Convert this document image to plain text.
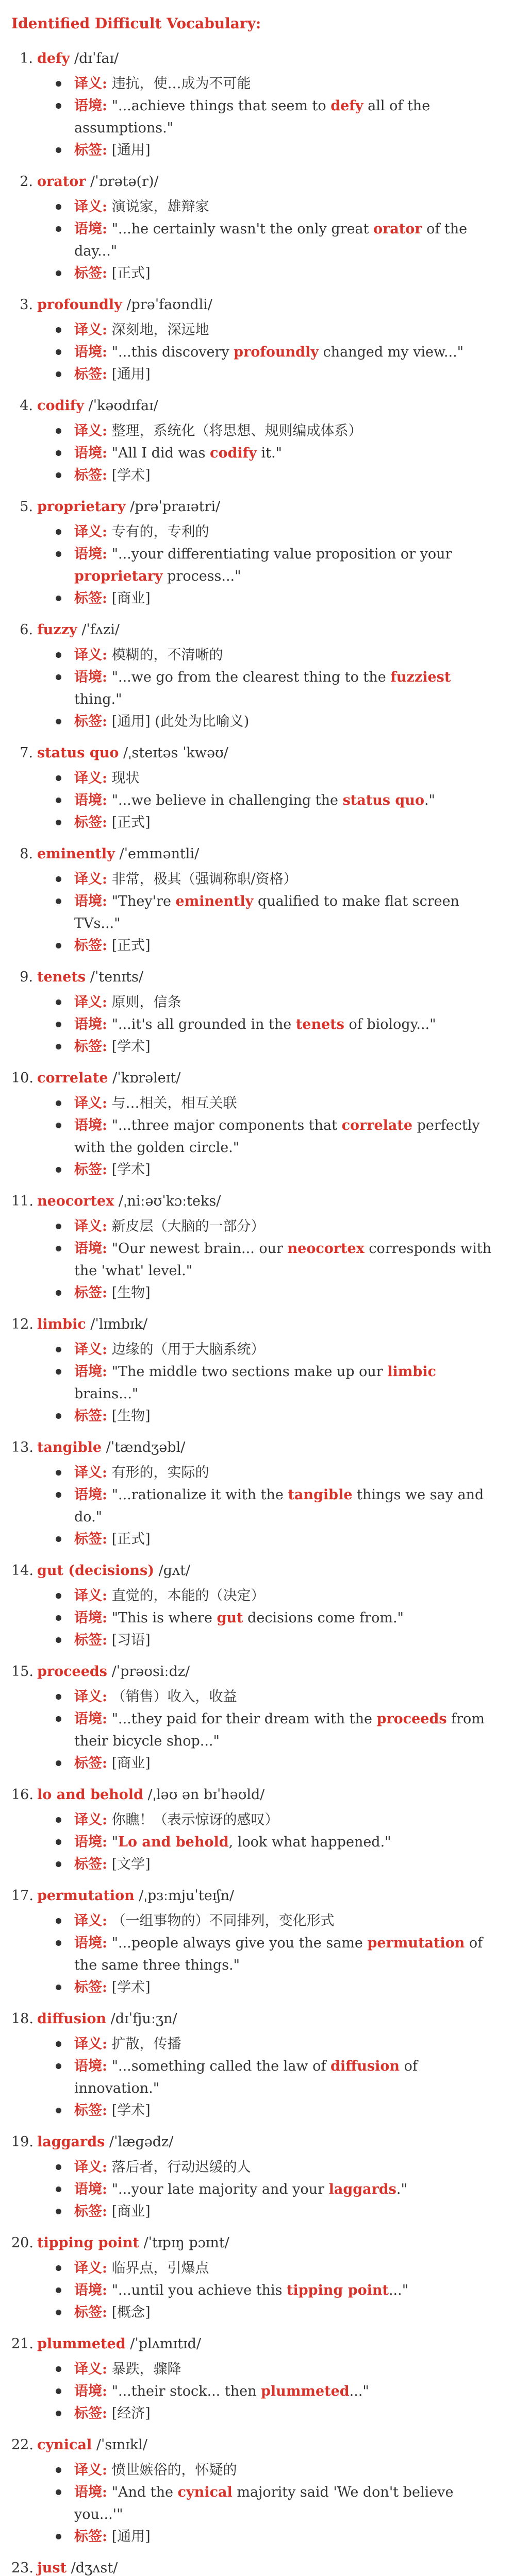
Identified Difficult Vocabulary:
1. defy /dɪˈfaɪ/
译义: 违抗，使…成为不可能
语境: "...achieve things that seem to defy all of the assumptions."
标签: [通用]
2. orator /ˈɒrətə(r)/
译义: 演说家，雄辩家
语境: "...he certainly wasn't the only great orator of the day..."
标签: [正式]
3. profoundly /prəˈfaʊndli/
译义: 深刻地，深远地
语境: "...this discovery profoundly changed my view..."
标签: [通用]
4. codify /ˈkəʊdɪfaɪ/
译义: 整理，系统化（将思想、规则编成体系）
语境: "All I did was codify it."
标签: [学术]
5. proprietary /prəˈpraɪətri/
译义: 专有的，专利的
语境: "...your differentiating value proposition or your proprietary process..."
标签: [商业]
6. fuzzy /ˈfʌzi/
译义: 模糊的，不清晰的
语境: "...we go from the clearest thing to the fuzziest thing."
标签: [通用] (此处为比喻义)
7. status quo /ˌsteɪtəs ˈkwəʊ/
译义: 现状
语境: "...we believe in challenging the status quo."
标签: [正式]
8. eminently /ˈemɪnəntli/
译义: 非常，极其（强调称职/资格）
语境: "They're eminently qualified to make flat screen TVs..."
标签: [正式]
9. tenets /ˈtenɪts/
译义: 原则，信条
语境: "...it's all grounded in the tenets of biology..."
标签: [学术]
10. correlate /ˈkɒrəleɪt/
译义: 与…相关，相互关联
语境: "...three major components that correlate perfectly with the golden circle."
标签: [学术]
11. neocortex /ˌniːəʊˈkɔːteks/
译义: 新皮层（大脑的一部分）
语境: "Our newest brain... our neocortex corresponds with the 'what' level."
标签: [生物]
12. limbic /ˈlɪmbɪk/
译义: 边缘的（用于大脑系统）
语境: "The middle two sections make up our limbic brains..."
标签: [生物]
13. tangible /ˈtændʒəbl/
译义: 有形的，实际的
语境: "...rationalize it with the tangible things we say and do."
标签: [正式]
14. gut (decisions) /ɡʌt/
译义: 直觉的，本能的（决定）
语境: "This is where gut decisions come from."
标签: [习语]
15. proceeds /ˈprəʊsiːdz/
译义: （销售）收入，收益
语境: "...they paid for their dream with the proceeds from their bicycle shop..."
标签: [商业]
16. lo and behold /ˌləʊ ən bɪˈhəʊld/
译义: 你瞧！（表示惊讶的感叹）
语境: "Lo and behold, look what happened."
标签: [文学]
17. permutation /ˌpɜːmjuˈteɪʃn/
译义: （一组事物的）不同排列，变化形式
语境: "...people always give you the same permutation of the same three things."
标签: [学术]
18. diffusion /dɪˈfjuːʒn/
译义: 扩散，传播
语境: "...something called the law of diffusion of innovation."
标签: [学术]
19. laggards /ˈlæɡədz/
译义: 落后者，行动迟缓的人
语境: "...your late majority and your laggards."
标签: [商业]
20. tipping point /ˈtɪpɪŋ pɔɪnt/
译义: 临界点，引爆点
语境: "...until you achieve this tipping point..."
标签: [概念]
21. plummeted /ˈplʌmɪtɪd/
译义: 暴跌，骤降
语境: "...their stock... then plummeted..."
标签: [经济]
22. cynical /ˈsɪnɪkl/
译义: 愤世嫉俗的，怀疑的
语境: "And the cynical majority said 'We don't believe you...'"
标签: [通用]
23. just /dʒʌst/
